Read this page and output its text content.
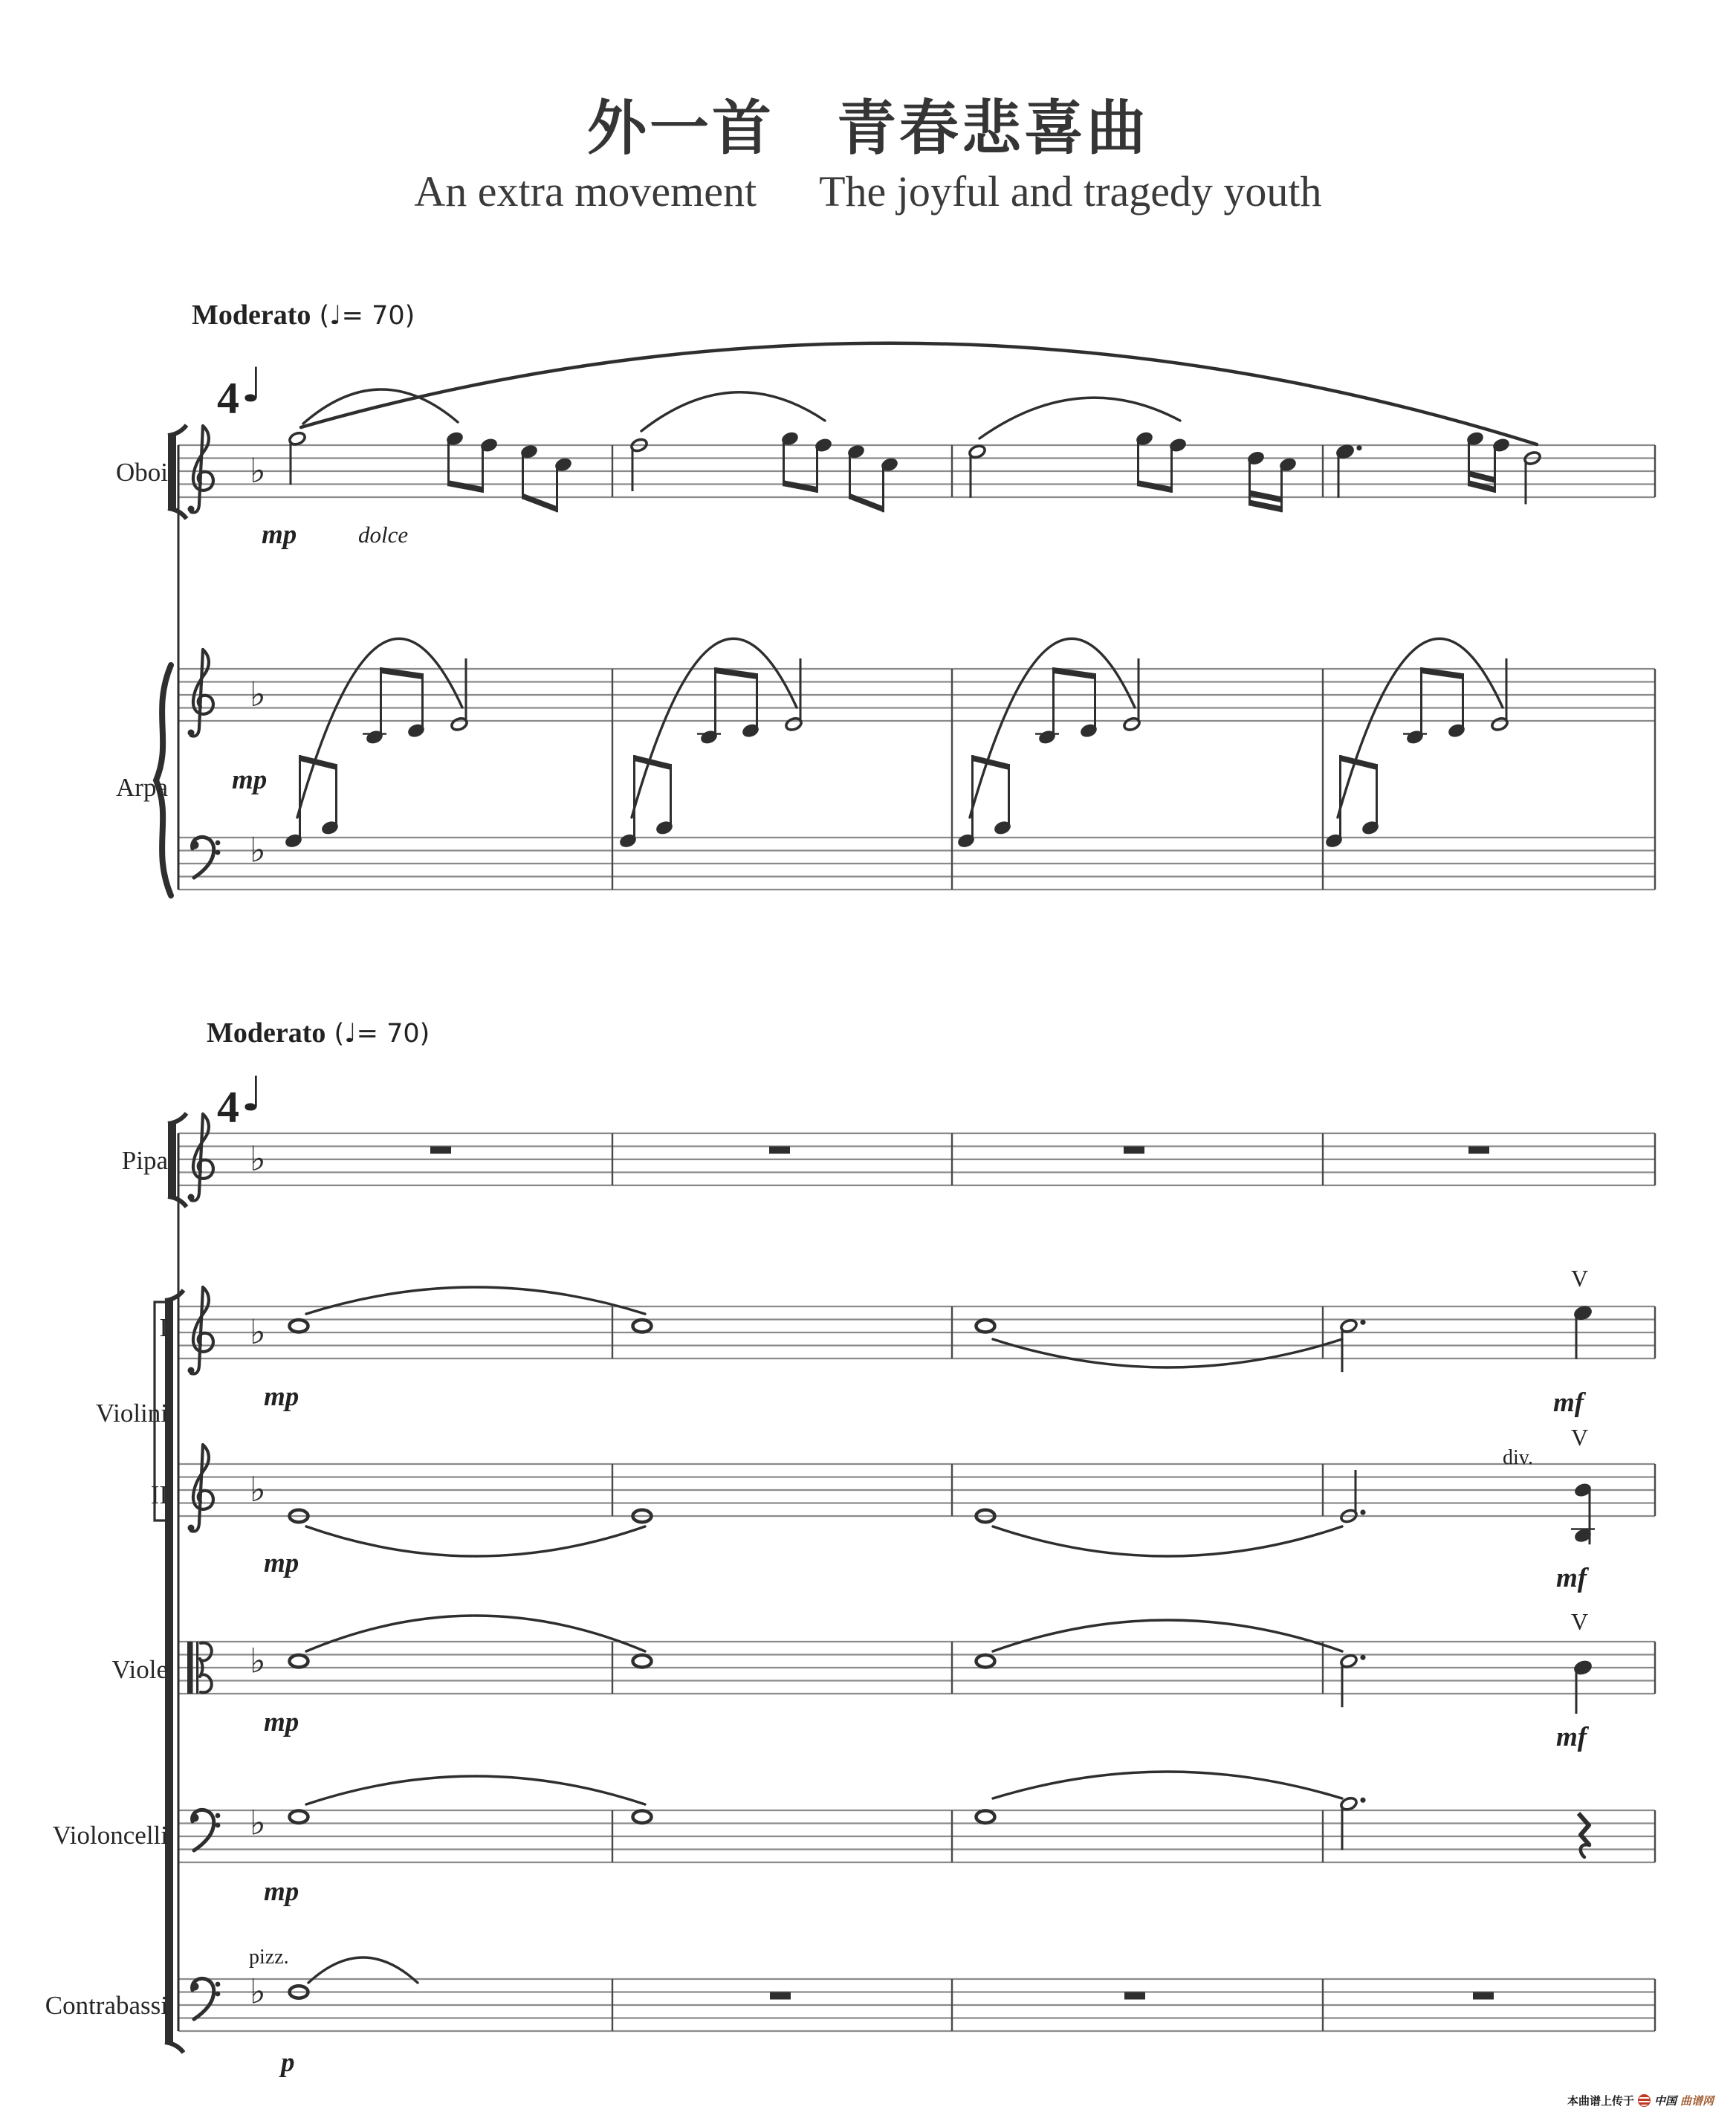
外一首　青春悲喜曲
An extra movement The joyful and tragedy youth
♭
♭
♭
♭
♭
♭
♭
♭
♭
Oboi
Arpa
Pipa
I
Violini
II
Viole
Violoncelli
Contrabassi
mp	dolce
mp
mp	mf
V
div.
V
mp	mf
V
mp	mf
mp
pizz.
p
Moderato (♩= 70)
Moderato (♩= 70)
4♩
4♩
本曲谱上传于 中国 曲谱网
